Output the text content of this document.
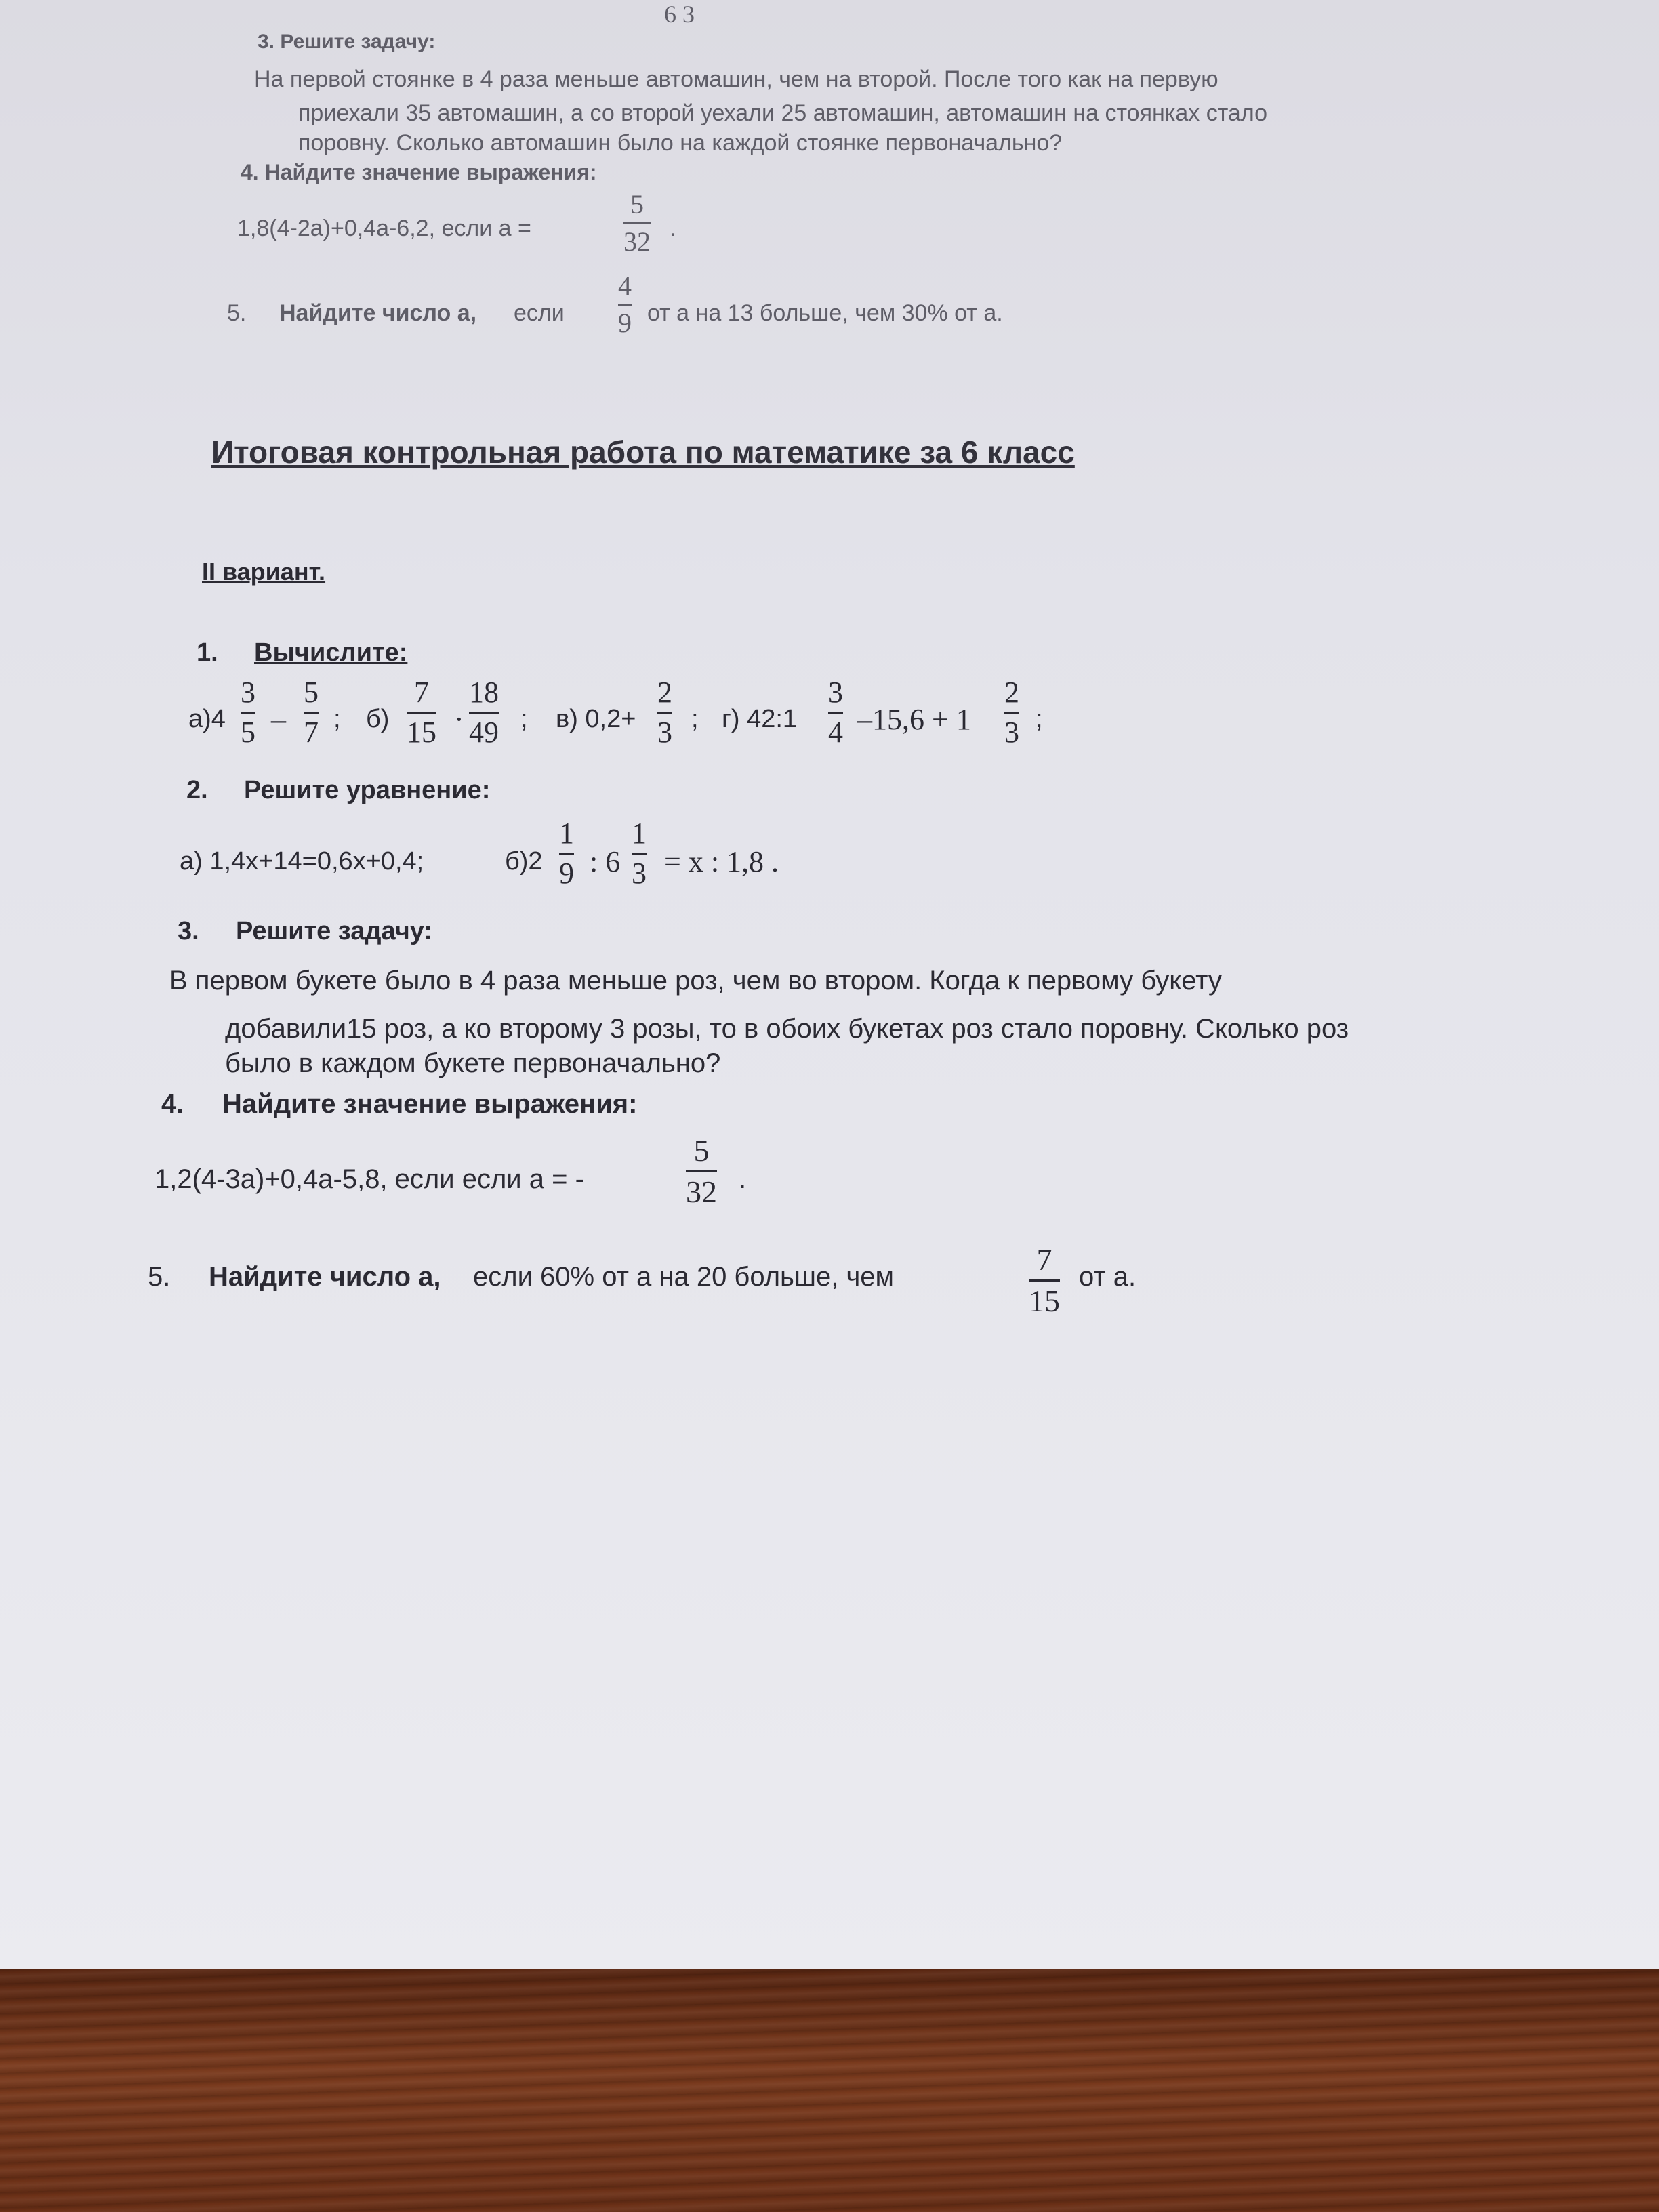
6 3
3. Решите задачу:
На первой стоянке в 4 раза меньше автомашин, чем на второй. После того как на первую
приехали 35 автомашин, а со второй уехали 25 автомашин, автомашин на стоянках стало
поровну. Сколько автомашин было на каждой стоянке первоначально?
4. Найдите значение выражения:
1,8(4-2a)+0,4a-6,2, если a =
5
32 .
5. Найдите число а, если
4
9 от а на 13 больше, чем 30% от а.
Итоговая контрольная работа по математике за 6 класс
II вариант.
1. Вычислите:
а)4
3
5 –
5
7 ; б)
7
15 ·
18
49 ; в) 0,2+
2
3 ; г) 42:1
3
4 –15,6 + 1
2
3 ;
2. Решите уравнение:
а) 1,4х+14=0,6х+0,4;	б)2
1
9 : 6
1
3 = x : 1,8 .
3. Решите задачу:
В первом букете было в 4 раза меньше роз, чем во втором. Когда к первому букету
добавили15 роз, а ко второму 3 розы, то в обоих букетах роз стало поровну. Сколько роз
было в каждом букете первоначально?
4. Найдите значение выражения:
1,2(4-3a)+0,4a-5,8, если если a = -
5
32 .
5. Найдите число а, если 60% от а на 20 больше, чем	7
15
от а.
